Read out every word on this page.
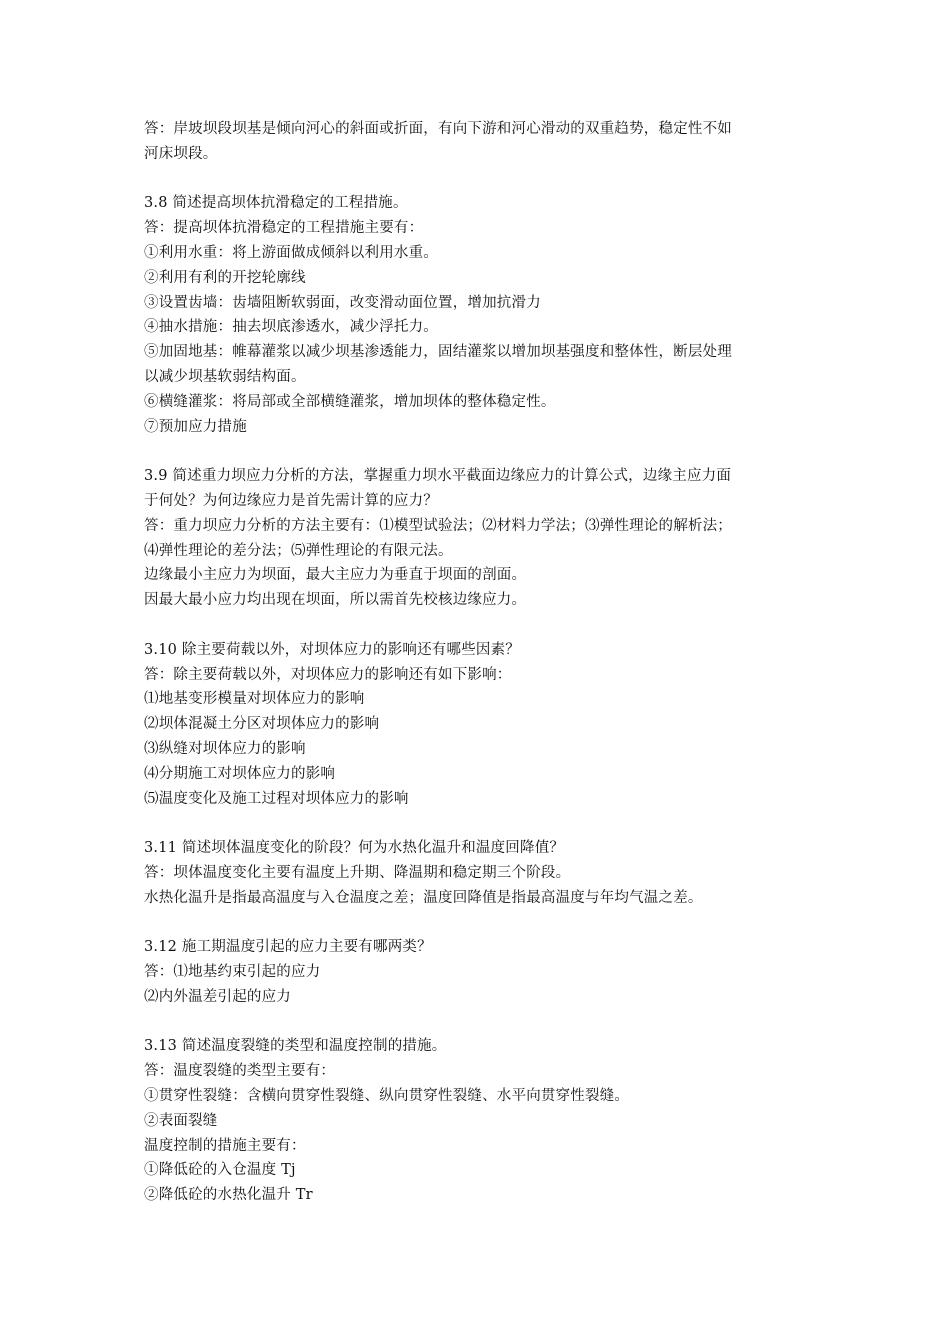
答：岸坡坝段坝基是倾向河心的斜面或折面，有向下游和河心滑动的双重趋势，稳定性不如
河床坝段。
3.8 简述提高坝体抗滑稳定的工程措施。
答：提高坝体抗滑稳定的工程措施主要有：
①利用水重：将上游面做成倾斜以利用水重。
②利用有利的开挖轮廓线
③设置齿墙：齿墙阻断软弱面，改变滑动面位置，增加抗滑力
④抽水措施：抽去坝底渗透水，减少浮托力。
⑤加固地基：帷幕灌浆以减少坝基渗透能力，固结灌浆以增加坝基强度和整体性，断层处理
以减少坝基软弱结构面。
⑥横缝灌浆：将局部或全部横缝灌浆，增加坝体的整体稳定性。
⑦预加应力措施
3.9 简述重力坝应力分析的方法，掌握重力坝水平截面边缘应力的计算公式，边缘主应力面
于何处？为何边缘应力是首先需计算的应力？
答：重力坝应力分析的方法主要有：⑴模型试验法；⑵材料力学法；⑶弹性理论的解析法；
⑷弹性理论的差分法；⑸弹性理论的有限元法。
边缘最小主应力为坝面，最大主应力为垂直于坝面的剖面。
因最大最小应力均出现在坝面，所以需首先校核边缘应力。
3.10 除主要荷载以外，对坝体应力的影响还有哪些因素？
答：除主要荷载以外，对坝体应力的影响还有如下影响：
⑴地基变形模量对坝体应力的影响
⑵坝体混凝土分区对坝体应力的影响
⑶纵缝对坝体应力的影响
⑷分期施工对坝体应力的影响
⑸温度变化及施工过程对坝体应力的影响
3.11 简述坝体温度变化的阶段？何为水热化温升和温度回降值？
答：坝体温度变化主要有温度上升期、降温期和稳定期三个阶段。
水热化温升是指最高温度与入仓温度之差；温度回降值是指最高温度与年均气温之差。
3.12 施工期温度引起的应力主要有哪两类？
答：⑴地基约束引起的应力
⑵内外温差引起的应力
3.13 简述温度裂缝的类型和温度控制的措施。
答：温度裂缝的类型主要有：
①贯穿性裂缝：含横向贯穿性裂缝、纵向贯穿性裂缝、水平向贯穿性裂缝。
②表面裂缝
温度控制的措施主要有：
①降低砼的入仓温度 Tj
②降低砼的水热化温升 Tr
